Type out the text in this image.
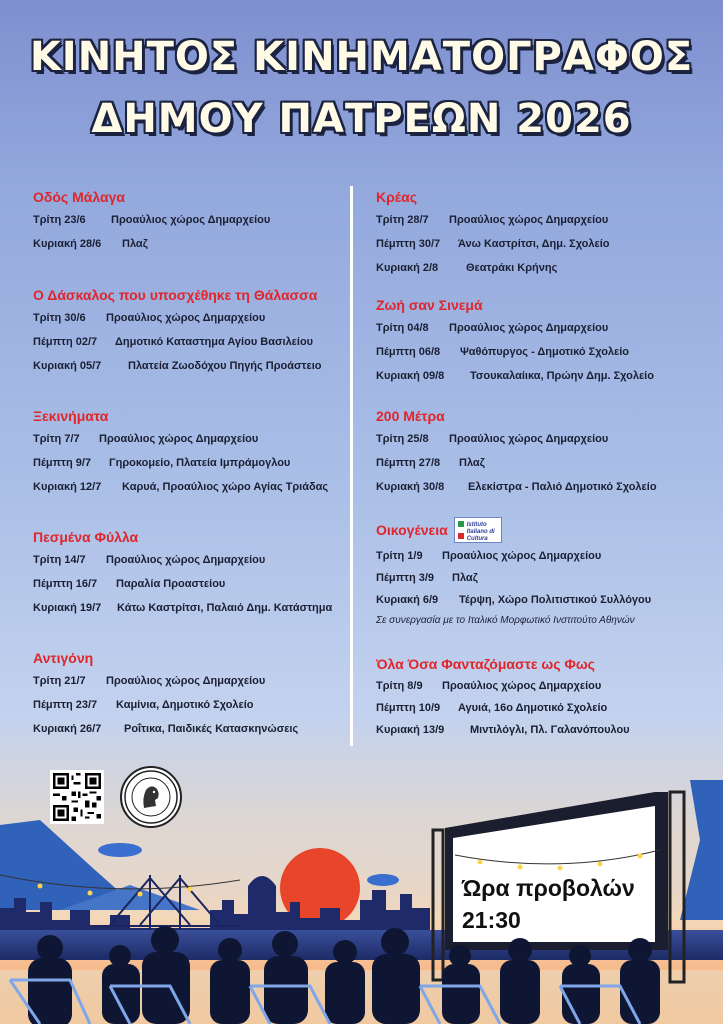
ΚΙΝΗΤΟΣ ΚΙΝΗΜΑΤΟΓΡΑΦΟΣ
ΔΗΜΟΥ ΠΑΤΡΕΩΝ 2026
Οδός Μάλαγα
Τρίτη 23/6	Προαύλιος χώρος Δημαρχείου
Κυριακή 28/6	Πλαζ
Ο Δάσκαλος που υποσχέθηκε τη Θάλασσα
Τρίτη 30/6	Προαύλιος χώρος Δημαρχείου
Πέμπτη 02/7	Δημοτικό Καταστημα Αγίου Βασιλείου
Κυριακή 05/7	Πλατεία Ζωοδόχου Πηγής Προάστειο
Ξεκινήματα
Τρίτη 7/7	Προαύλιος χώρος Δημαρχείου
Πέμπτη 9/7	Γηροκομείο, Πλατεία Ιμπράμογλου
Κυριακή 12/7	Καρυά, Προαύλιος χώρο Αγίας Τριάδας
Πεσμένα Φύλλα
Τρίτη 14/7	Προαύλιος χώρος Δημαρχείου
Πέμπτη 16/7	Παραλία Προαστείου
Κυριακή 19/7	Κάτω Καστρίτσι, Παλαιό Δημ. Κατάστημα
Αντιγόνη
Τρίτη 21/7	Προαύλιος χώρος Δημαρχείου
Πέμπτη 23/7	Καμίνια, Δημοτικό Σχολείο
Κυριακή 26/7	Ροΐτικα, Παιδικές Κατασκηνώσεις
Κρέας
Τρίτη 28/7	Προαύλιος χώρος Δημαρχείου
Πέμπτη 30/7	Άνω Καστρίτσι, Δημ. Σχολείο
Κυριακή 2/8	Θεατράκι Κρήνης
Ζωή σαν Σινεμά
Τρίτη 04/8	Προαύλιος χώρος Δημαρχείου
Πέμπτη 06/8	Ψαθόπυργος - Δημοτικό Σχολείο
Κυριακή 09/8	Τσουκαλαίικα, Πρώην Δημ. Σχολείο
200 Μέτρα
Τρίτη 25/8	Προαύλιος χώρος Δημαρχείου
Πέμπτη 27/8	Πλαζ
Κυριακή 30/8	Ελεκίστρα - Παλιό Δημοτικό Σχολείο
Οικογένεια	Istituto Italiano di Cultura
Τρίτη 1/9	Προαύλιος χώρος Δημαρχείου
Πέμπτη 3/9	Πλαζ
Κυριακή 6/9	Τέρψη, Χώρο Πολιτιστικού Συλλόγου
Σε συνεργασία με το Ιταλικό Μορφωτικό Ινστιτούτο Αθηνών
Όλα Όσα Φανταζόμαστε ως Φως
Τρίτη 8/9	Προαύλιος χώρος Δημαρχείου
Πέμπτη 10/9	Αγυιά, 16ο Δημοτικό Σχολείο
Κυριακή 13/9	Μιντιλόγλι, Πλ. Γαλανόπουλου
Ώρα προβολών
21:30
